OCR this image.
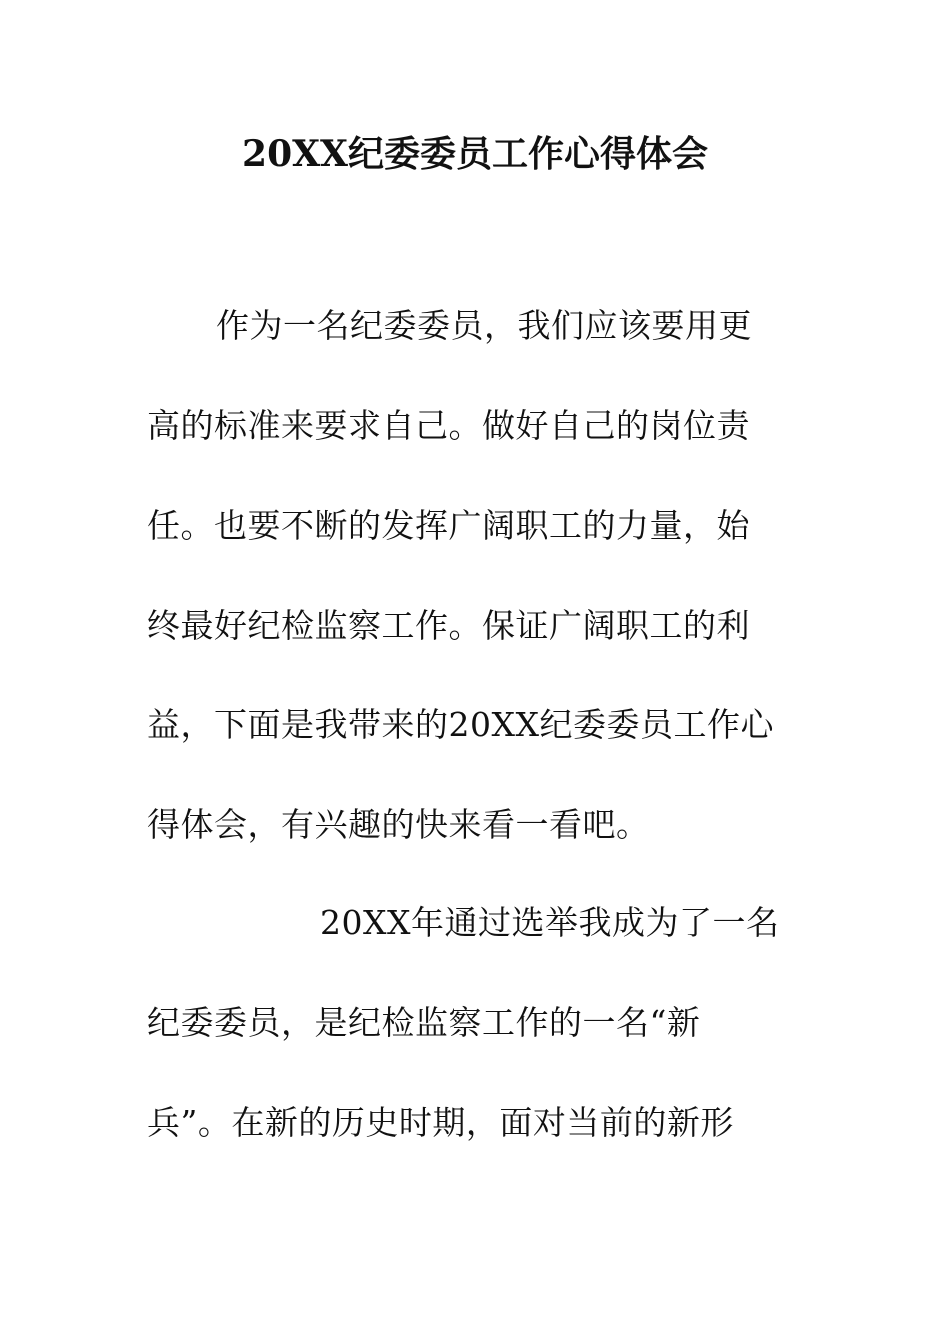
20XX纪委委员工作心得体会
作为一名纪委委员，我们应该要用更
高的标准来要求自己。做好自己的岗位责
任。也要不断的发挥广阔职工的力量，始
终最好纪检监察工作。保证广阔职工的利
益，下面是我带来的20XX纪委委员工作心
得体会，有兴趣的快来看一看吧。
20XX年通过选举我成为了一名
纪委委员，是纪检监察工作的一名“新
兵”。在新的历史时期，面对当前的新形
